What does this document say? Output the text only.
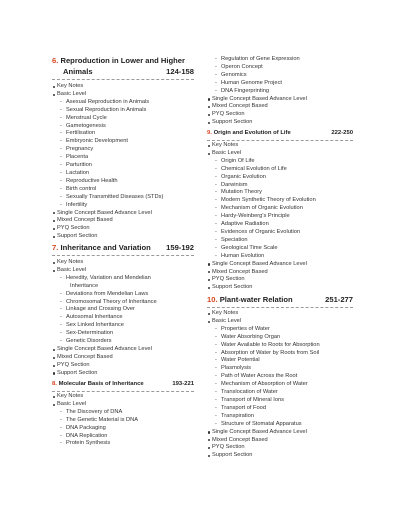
6. Reproduction in Lower and Higher
Animals	124-158
Key Notes
Basic Level
- Asexual Reproduction in Animals
- Sexual Reproduction in Animals
- Menstrual Cycle
- Gametogenesis
- Fertilisation
- Embryonic Development
- Pregnancy
- Placenta
- Parturition
- Lactation
- Reproductive Health
- Birth control
- Sexually Transmitted Diseases (STDs)
- Infertility
Single Concept Based Advance Level
Mixed Concept Based
PYQ Section
Support Section
7. Inheritance and Variation 159-192
Key Notes
Basic Level
- Heredity, Variation and Mendelian
Inheritance
- Deviations from Mendelian Laws
- Chromosomal Theory of Inheritance
- Linkage and Crossing Over
- Autosomal Inheritance
- Sex Linked Inheritance
- Sex-Determination
- Genetic Disorders
Single Concept Based Advance Level
Mixed Concept Based
PYQ Section
Support Section
8. Molecular Basis of Inheritance	193-221
Key Notes
Basic Level
- The Discovery of DNA
- The Genetic Material is DNA
- DNA Packaging
- DNA Replication
- Protein Synthesis
- Regulation of Gene Expression
- Operon Concept
- Genomics
- Human Genome Project
- DNA Fingerprinting
Single Concept Based Advance Level
Mixed Concept Based
PYQ Section
Support Section
9. Origin and Evolution of Life	222-250
Key Notes
Basic Level
- Origin Of Life
- Chemical Evolution of Life
- Organic Evolution
- Darwinism
- Mutation Theory
- Modern Synthetic Theory of Evolution
- Mechanism of Organic Evolution
- Hardy-Weinberg’s Principle
- Adaptive Radiation
- Evidences of Organic Evolution
- Speciation
- Geological Time Scale
- Human Evolution
Single Concept Based Advance Level
Mixed Concept Based
PYQ Section
Support Section
10. Plant-water Relation	251-277
Key Notes
Basic Level
- Properties of Water
- Water Absorbing Organ
- Water Available to Roots for Absorption
- Absorption of Water by Roots from Soil
- Water Potential
- Plasmolysis
- Path of Water Across the Root
- Mechanism of Absorption of Water
- Translocation of Water
- Transport of Mineral Ions
- Transport of Food
- Transpiration
- Structure of Stomatal Apparatus
Single Concept Based Advance Level
Mixed Concept Based
PYQ Section
Support Section
